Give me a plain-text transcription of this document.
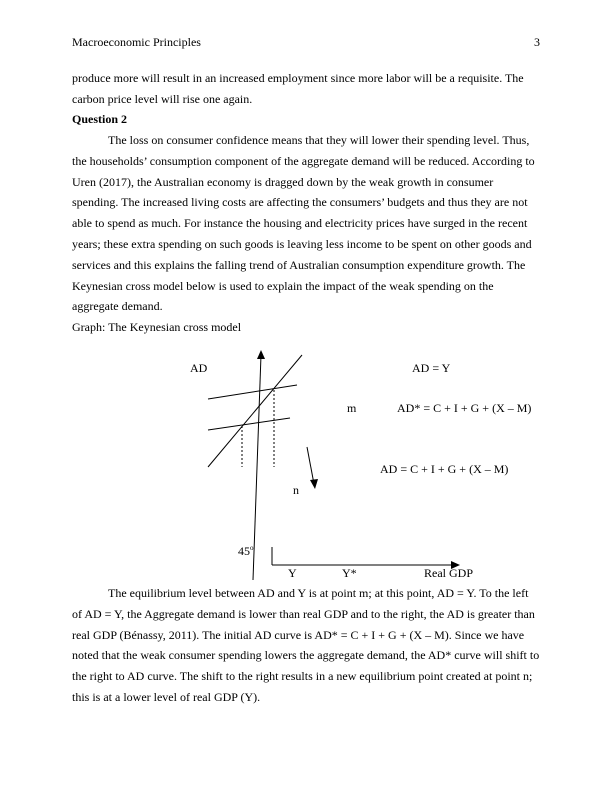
Macroeconomic Principles	3

produce more will result in an increased employment since more labor will be a requisite. The carbon price level will rise one again.

Question 2

The loss on consumer confidence means that they will lower their spending level. Thus, the households’ consumption component of the aggregate demand will be reduced. According to Uren (2017), the Australian economy is dragged down by the weak growth in consumer spending. The increased living costs are affecting the consumers’ budgets and thus they are not able to spend as much. For instance the housing and electricity prices have surged in the recent years; these extra spending on such goods is leaving less income to be spent on other goods and services and this explains the falling trend of Australian consumption expenditure growth. The Keynesian cross model below is used to explain the impact of the weak spending on the aggregate demand.

Graph: The Keynesian cross model

AD	AD = Y
m	AD* = C + I + G + (X – M)
AD = C + I + G + (X – M)
n
45$^o$
Y	Y*	Real GDP

The equilibrium level between AD and Y is at point m; at this point, AD = Y. To the left of AD = Y, the Aggregate demand is lower than real GDP and to the right, the AD is greater than real GDP (Bénassy, 2011). The initial AD curve is AD* = C + I + G + (X – M). Since we have noted that the weak consumer spending lowers the aggregate demand, the AD* curve will shift to the right to AD curve. The shift to the right results in a new equilibrium point created at point n; this is at a lower level of real GDP (Y).
